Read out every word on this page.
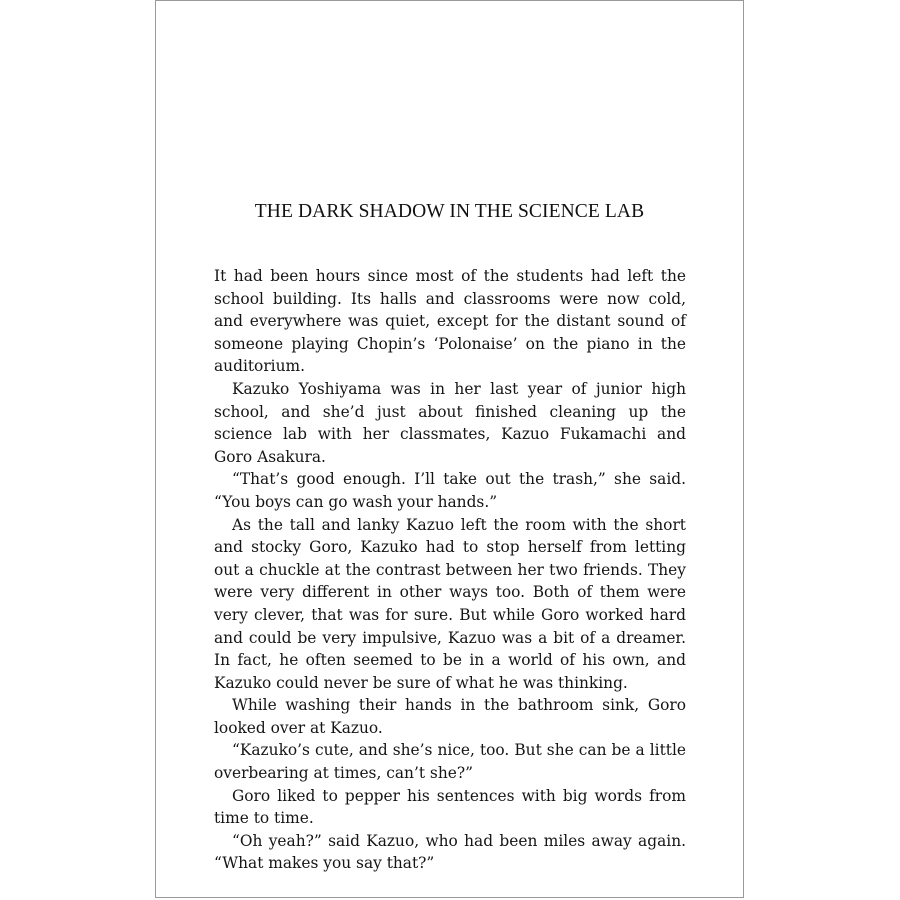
THE DARK SHADOW IN THE SCIENCE LAB

It had been hours since most of the students had left the school building. Its halls and classrooms were now cold, and everywhere was quiet, except for the distant sound of someone playing Chopin’s ‘Polonaise’ on the piano in the auditorium.

Kazuko Yoshiyama was in her last year of junior high school, and she’d just about finished cleaning up the science lab with her classmates, Kazuo Fukamachi and Goro Asakura.

“That’s good enough. I’ll take out the trash,” she said. “You boys can go wash your hands.”

As the tall and lanky Kazuo left the room with the short and stocky Goro, Kazuko had to stop herself from letting out a chuckle at the contrast between her two friends. They were very different in other ways too. Both of them were very clever, that was for sure. But while Goro worked hard and could be very impulsive, Kazuo was a bit of a dreamer. In fact, he often seemed to be in a world of his own, and Kazuko could never be sure of what he was thinking.

While washing their hands in the bathroom sink, Goro looked over at Kazuo.

“Kazuko’s cute, and she’s nice, too. But she can be a little overbearing at times, can’t she?”

Goro liked to pepper his sentences with big words from time to time.

“Oh yeah?” said Kazuo, who had been miles away again. “What makes you say that?”
